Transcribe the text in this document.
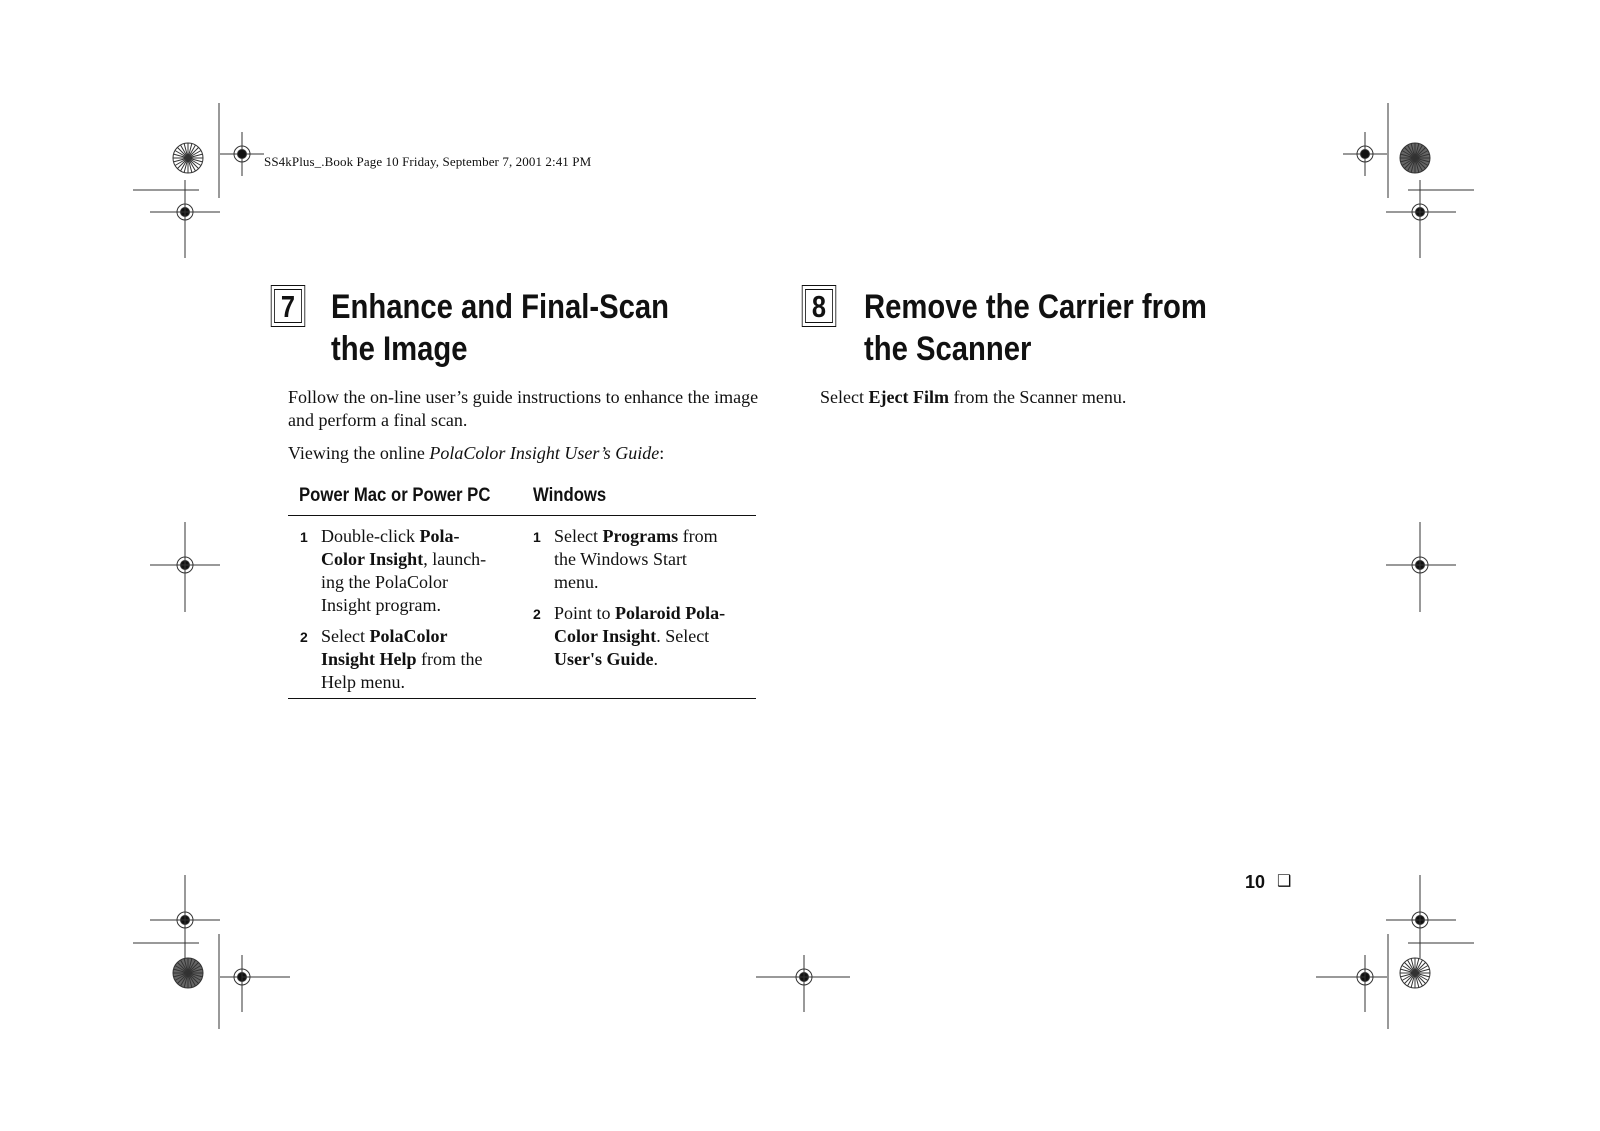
SS4kPlus_.Book Page 10 Friday, September 7, 2001 2:41 PM
7 Enhance and Final-Scan
the Image
Follow the on-line user’s guide instructions to enhance the image
and perform a final scan.
Viewing the online PolaColor Insight User’s Guide:
Power Mac or Power PC Windows
1 Double-click Pola-
Color Insight, launch-
ing the PolaColor
Insight program.
2 Select PolaColor
Insight Help from the
Help menu.
1 Select Programs from
the Windows Start
menu.
2 Point to Polaroid Pola-
Color Insight. Select
User's Guide.
8 Remove the Carrier from
the Scanner
Select Eject Film from the Scanner menu.
10 ❑
